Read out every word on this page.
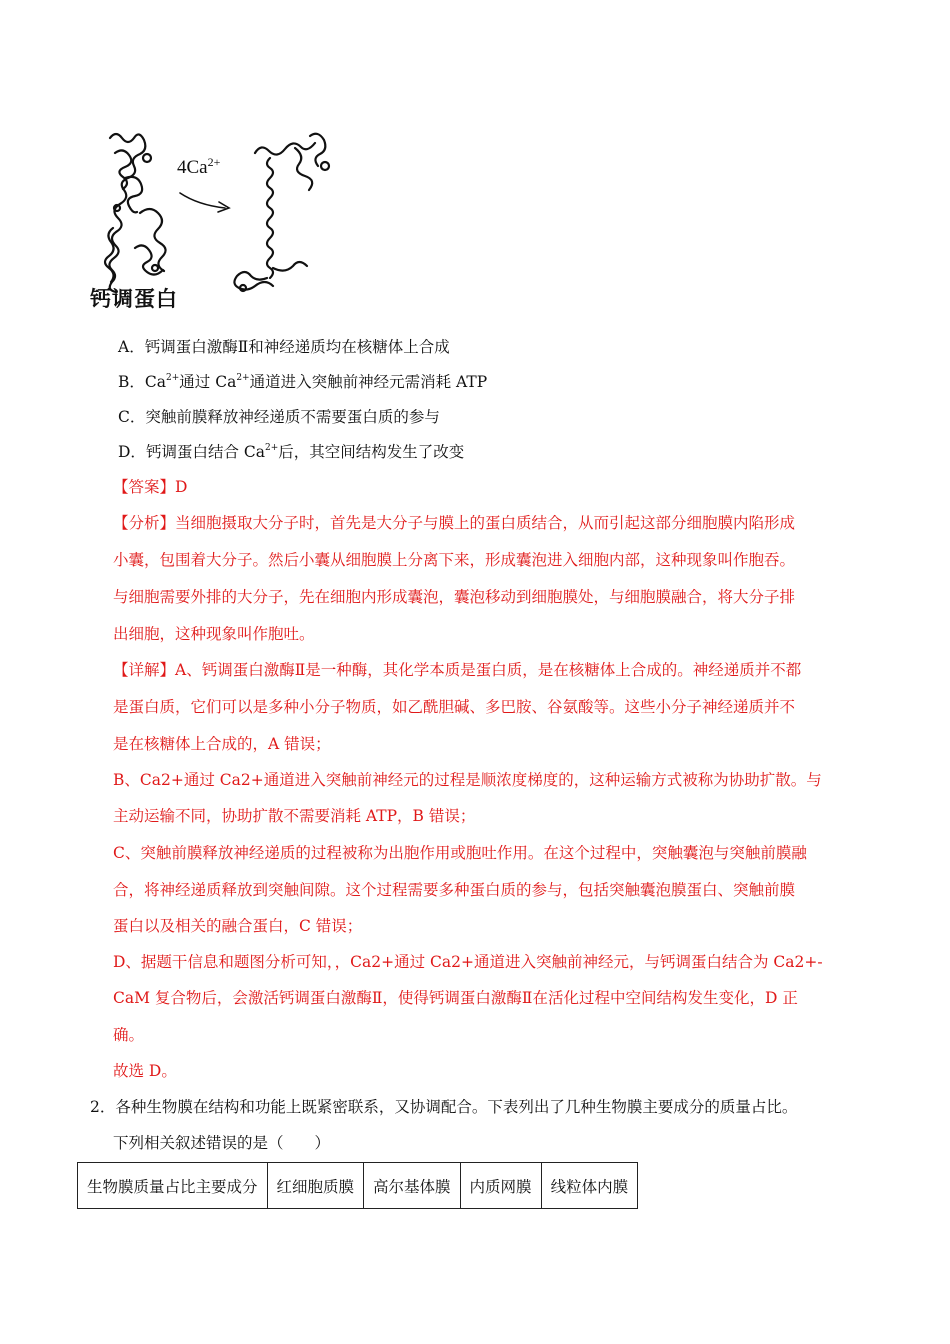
$4Ca^{2+}$
钙调蛋白
A．钙调蛋白激酶Ⅱ和神经递质均在核糖体上合成
B．$Ca^{2+}$通过 $Ca^{2+}$通道进入突触前神经元需消耗 ATP
C．突触前膜释放神经递质不需要蛋白质的参与
D．钙调蛋白结合 $Ca^{2+}$后，其空间结构发生了改变
【答案】D
【分析】当细胞摄取大分子时，首先是大分子与膜上的蛋白质结合，从而引起这部分细胞膜内陷形成
小囊，包围着大分子。然后小囊从细胞膜上分离下来，形成囊泡进入细胞内部，这种现象叫作胞吞。
与细胞需要外排的大分子，先在细胞内形成囊泡，囊泡移动到细胞膜处，与细胞膜融合，将大分子排
出细胞，这种现象叫作胞吐。
【详解】A、钙调蛋白激酶Ⅱ是一种酶，其化学本质是蛋白质，是在核糖体上合成的。神经递质并不都
是蛋白质，它们可以是多种小分子物质，如乙酰胆碱、多巴胺、谷氨酸等。这些小分子神经递质并不
是在核糖体上合成的，A 错误；
B、Ca2+通过 Ca2+通道进入突触前神经元的过程是顺浓度梯度的，这种运输方式被称为协助扩散。与
主动运输不同，协助扩散不需要消耗 ATP，B 错误；
C、突触前膜释放神经递质的过程被称为出胞作用或胞吐作用。在这个过程中，突触囊泡与突触前膜融
合，将神经递质释放到突触间隙。这个过程需要多种蛋白质的参与，包括突触囊泡膜蛋白、突触前膜
蛋白以及相关的融合蛋白，C 错误；
D、据题干信息和题图分析可知，，Ca2+通过 Ca2+通道进入突触前神经元，与钙调蛋白结合为 Ca2+-
CaM 复合物后，会激活钙调蛋白激酶Ⅱ，使得钙调蛋白激酶Ⅱ在活化过程中空间结构发生变化，D 正
确。
故选 D。
2．各种生物膜在结构和功能上既紧密联系，又协调配合。下表列出了几种生物膜主要成分的质量占比。
下列相关叙述错误的是（　　）
生物膜质量占比主要成分	红细胞质膜	高尔基体膜	内质网膜	线粒体内膜
